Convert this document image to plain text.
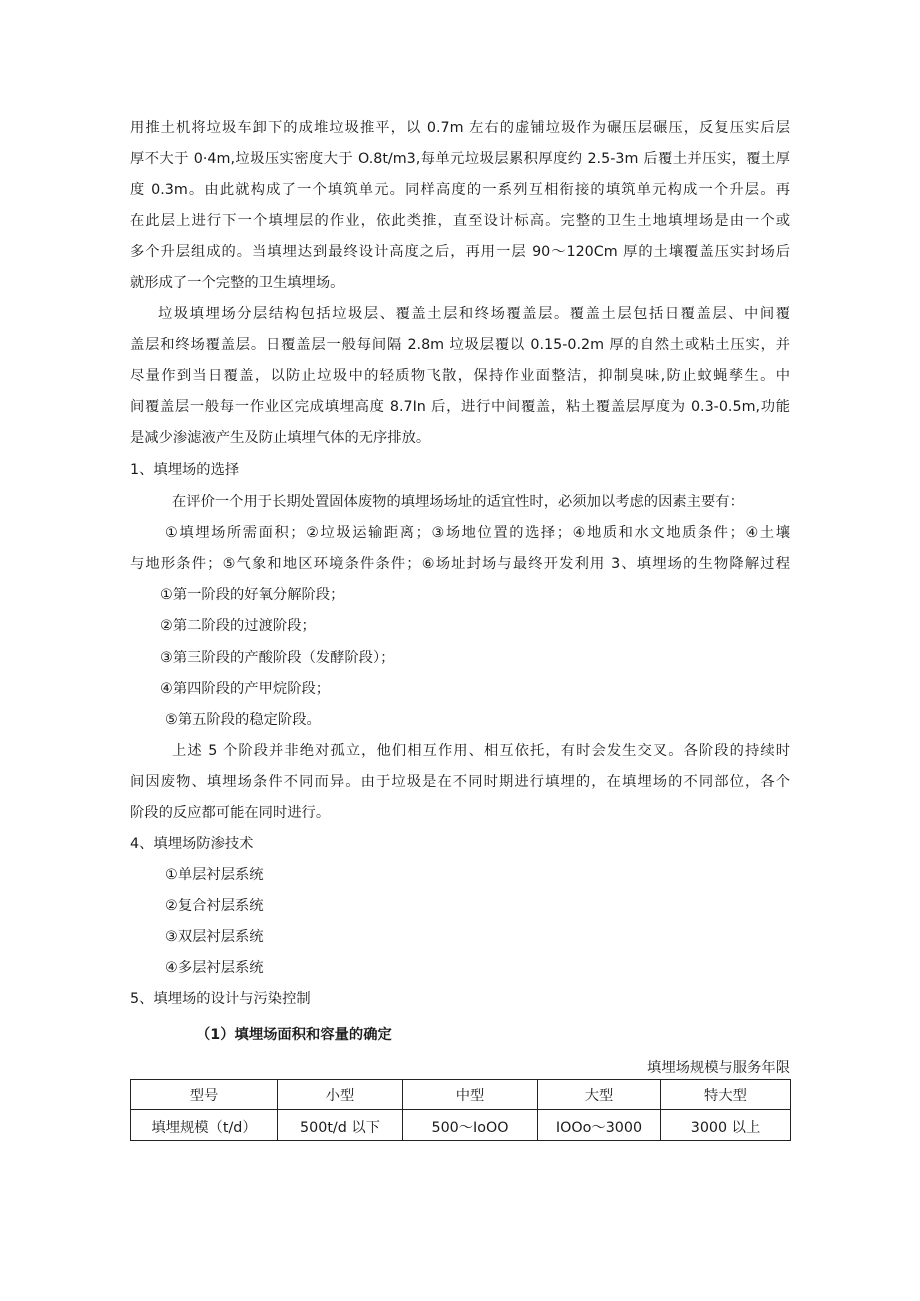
用推土机将垃圾车卸下的成堆垃圾推平，以 0.7m 左右的虚铺垃圾作为碾压层碾压，反复压实后层
厚不大于 0·4m,垃圾压实密度大于 O.8t∕m3,每单元垃圾层累积厚度约 2.5-3m 后覆土并压实，覆土厚
度 0.3m。由此就构成了一个填筑单元。同样高度的一系列互相衔接的填筑单元构成一个升层。再
在此层上进行下一个填埋层的作业，依此类推，直至设计标高。完整的卫生土地填埋场是由一个或
多个升层组成的。当填埋达到最终设计高度之后，再用一层 90～120Cm 厚的土壤覆盖压实封场后
就形成了一个完整的卫生填埋场。
垃圾填埋场分层结构包括垃圾层、覆盖土层和终场覆盖层。覆盖土层包括日覆盖层、中间覆
盖层和终场覆盖层。日覆盖层一般每间隔 2.8m 垃圾层覆以 0.15-0.2m 厚的自然土或粘土压实，并
尽量作到当日覆盖，以防止垃圾中的轻质物飞散，保持作业面整洁，抑制臭味,防止蚊蝇孳生。中
间覆盖层一般每一作业区完成填埋高度 8.7In 后，进行中间覆盖，粘土覆盖层厚度为 0.3-0.5m,功能
是减少渗滤液产生及防止填埋气体的无序排放。
1、填埋场的选择
在评价一个用于长期处置固体废物的填埋场场址的适宜性时，必须加以考虑的因素主要有：
①填埋场所需面积；②垃圾运输距离；③场地位置的选择；④地质和水文地质条件；④土壤
与地形条件；⑤气象和地区环境条件条件；⑥场址封场与最终开发利用 3、填埋场的生物降解过程
①第一阶段的好氧分解阶段；
②第二阶段的过渡阶段；
③第三阶段的产酸阶段（发酵阶段）；
④第四阶段的产甲烷阶段；
⑤第五阶段的稳定阶段。
上述 5 个阶段并非绝对孤立，他们相互作用、相互依托，有时会发生交叉。各阶段的持续时
间因废物、填埋场条件不同而异。由于垃圾是在不同时期进行填埋的，在填埋场的不同部位，各个
阶段的反应都可能在同时进行。
4、填埋场防渗技术
①单层衬层系统
②复合衬层系统
③双层衬层系统
④多层衬层系统
5、填埋场的设计与污染控制
（1）填埋场面积和容量的确定
填埋场规模与服务年限
型号	小型	中型	大型	特大型
填埋规模（t∕d）	500t∕d 以下	500～IoOO	IOOo～3000	3000 以上
